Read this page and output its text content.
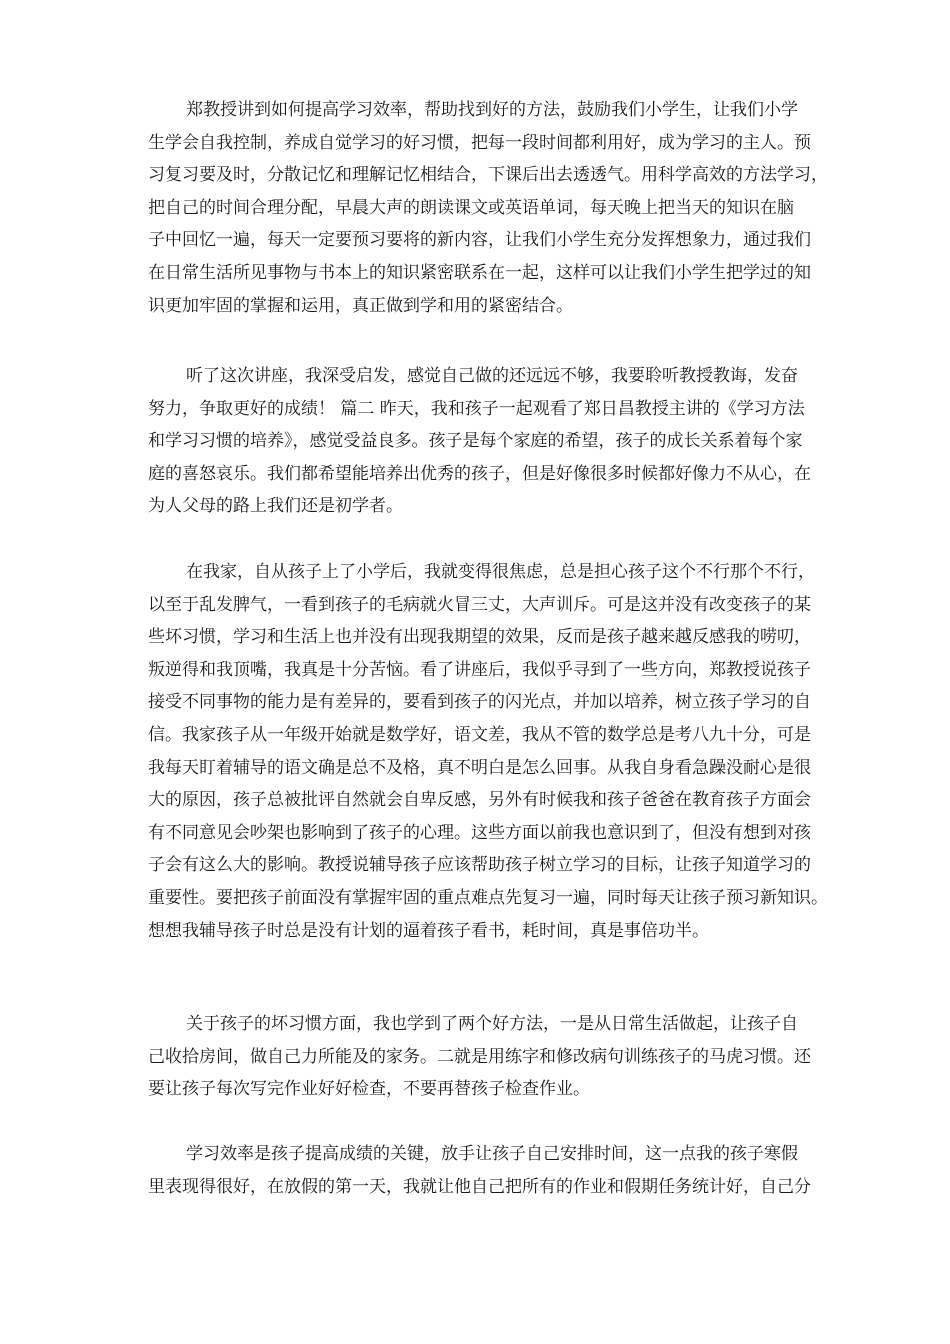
郑教授讲到如何提高学习效率，帮助找到好的方法，鼓励我们小学生，让我们小学
生学会自我控制，养成自觉学习的好习惯，把每一段时间都利用好，成为学习的主人。预
习复习要及时，分散记忆和理解记忆相结合，下课后出去透透气。用科学高效的方法学习，
把自己的时间合理分配，早晨大声的朗读课文或英语单词，每天晚上把当天的知识在脑
子中回忆一遍，每天一定要预习要将的新内容，让我们小学生充分发挥想象力，通过我们
在日常生活所见事物与书本上的知识紧密联系在一起，这样可以让我们小学生把学过的知
识更加牢固的掌握和运用，真正做到学和用的紧密结合。
听了这次讲座，我深受启发，感觉自己做的还远远不够，我要聆听教授教诲，发奋
努力，争取更好的成绩！ 篇二 昨天，我和孩子一起观看了郑日昌教授主讲的《学习方法
和学习习惯的培养》，感觉受益良多。孩子是每个家庭的希望，孩子的成长关系着每个家
庭的喜怒哀乐。我们都希望能培养出优秀的孩子，但是好像很多时候都好像力不从心，在
为人父母的路上我们还是初学者。
在我家，自从孩子上了小学后，我就变得很焦虑，总是担心孩子这个不行那个不行，
以至于乱发脾气，一看到孩子的毛病就火冒三丈，大声训斥。可是这并没有改变孩子的某
些坏习惯，学习和生活上也并没有出现我期望的效果，反而是孩子越来越反感我的唠叨，
叛逆得和我顶嘴，我真是十分苦恼。看了讲座后，我似乎寻到了一些方向，郑教授说孩子
接受不同事物的能力是有差异的，要看到孩子的闪光点，并加以培养，树立孩子学习的自
信。我家孩子从一年级开始就是数学好，语文差，我从不管的数学总是考八九十分，可是
我每天盯着辅导的语文确是总不及格，真不明白是怎么回事。从我自身看急躁没耐心是很
大的原因，孩子总被批评自然就会自卑反感，另外有时候我和孩子爸爸在教育孩子方面会
有不同意见会吵架也影响到了孩子的心理。这些方面以前我也意识到了，但没有想到对孩
子会有这么大的影响。教授说辅导孩子应该帮助孩子树立学习的目标，让孩子知道学习的
重要性。要把孩子前面没有掌握牢固的重点难点先复习一遍，同时每天让孩子预习新知识。
想想我辅导孩子时总是没有计划的逼着孩子看书，耗时间，真是事倍功半。
关于孩子的坏习惯方面，我也学到了两个好方法，一是从日常生活做起，让孩子自
己收拾房间，做自己力所能及的家务。二就是用练字和修改病句训练孩子的马虎习惯。还
要让孩子每次写完作业好好检查，不要再替孩子检查作业。
学习效率是孩子提高成绩的关键，放手让孩子自己安排时间，这一点我的孩子寒假
里表现得很好，在放假的第一天，我就让他自己把所有的作业和假期任务统计好，自己分
